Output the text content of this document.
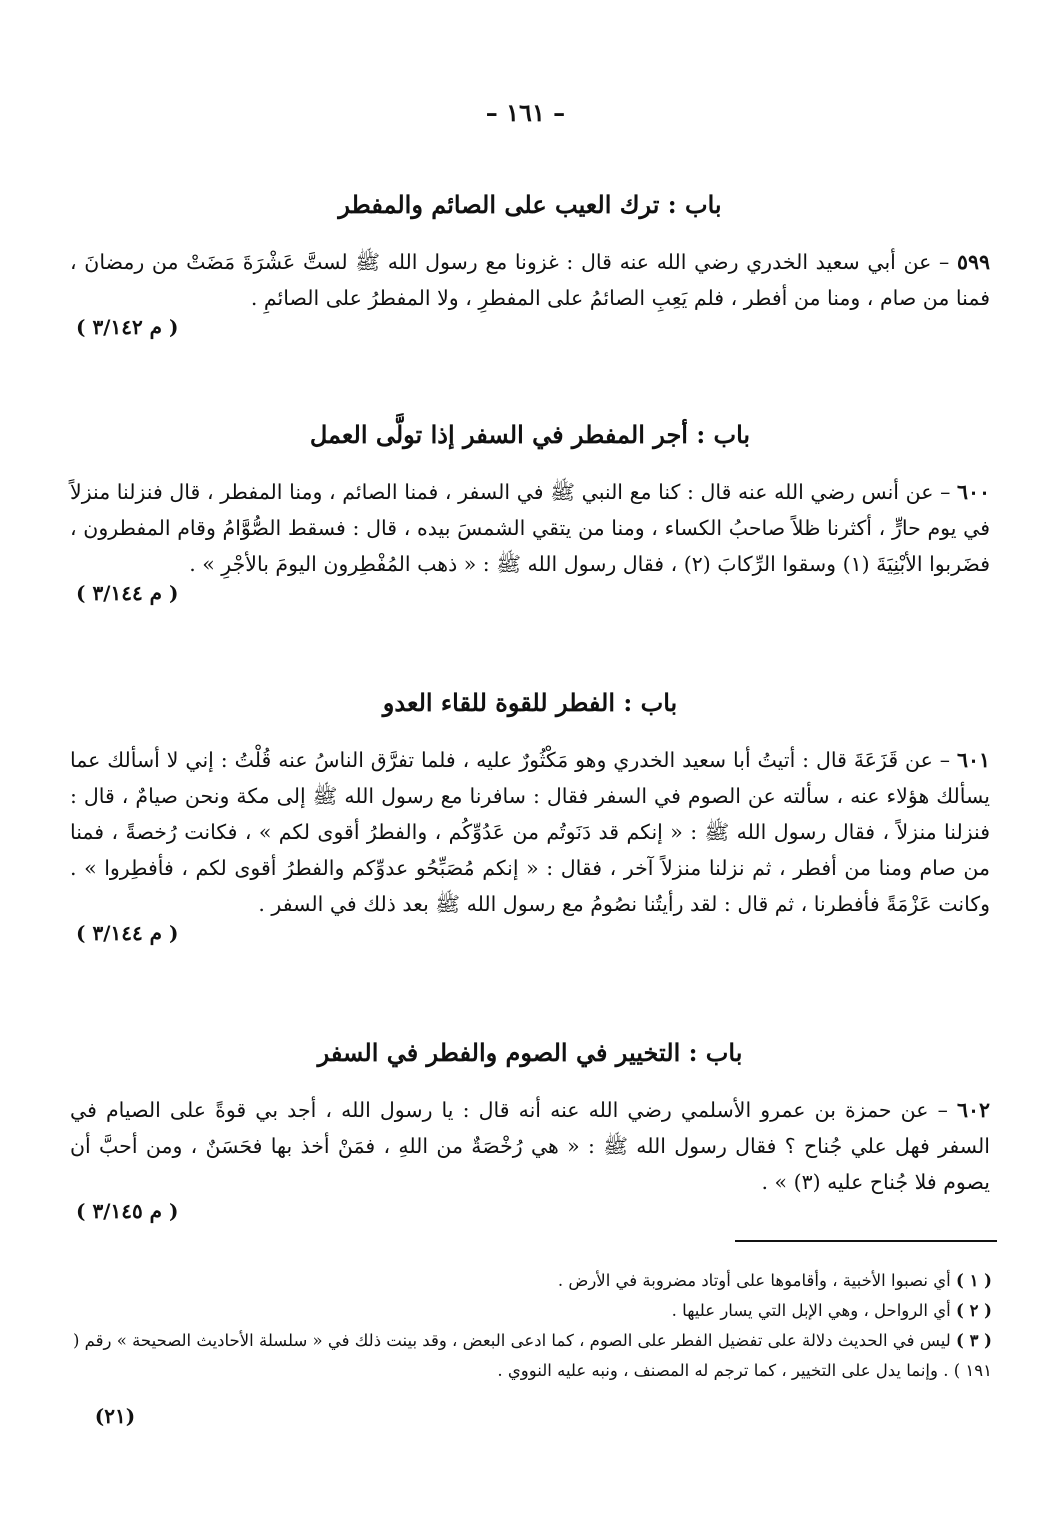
– ١٦١ –
باب : ترك العيب على الصائم والمفطر

٥٩٩ – عن أبي سعيد الخدري رضي الله عنه قال : غزونا مع رسول الله ﷺ لستَّ عَشْرَةَ مَضَتْ من رمضانَ ، فمنا من صام ، ومنا من أفطر ، فلم يَعِبِ الصائمُ على المفطرِ ، ولا المفطرُ على الصائمِ .

( م ٣/١٤٢ )
باب : أجر المفطر في السفر إذا تولَّى العمل

٦٠٠ – عن أنس رضي الله عنه قال : كنا مع النبي ﷺ في السفر ، فمنا الصائم ، ومنا المفطر ، قال فنزلنا منزلاً في يوم حارٍّ ، أكثرنا ظلاً صاحبُ الكساء ، ومنا من يتقي الشمسَ بيده ، قال : فسقط الصُّوَّامُ وقام المفطرون ، فضَربوا الأبْنِيَةَ (١) وسقوا الرِّكابَ (٢) ، فقال رسول الله ﷺ : « ذهب المُفْطِرون اليومَ بالأجْرِ » .

( م ٣/١٤٤ )
باب : الفطر للقوة للقاء العدو

٦٠١ – عن قَزَعَةَ قال : أتيتُ أبا سعيد الخدري وهو مَكْثُورٌ عليه ، فلما تفرَّق الناسُ عنه قُلْتُ : إني لا أسألك عما يسألك هؤلاء عنه ، سألته عن الصوم في السفر فقال : سافرنا مع رسول الله ﷺ إلى مكة ونحن صيامٌ ، قال : فنزلنا منزلاً ، فقال رسول الله ﷺ : « إنكم قد دَنَوتُم من عَدُوِّكُم ، والفطرُ أقوى لكم » ، فكانت رُخصةً ، فمنا من صام ومنا من أفطر ، ثم نزلنا منزلاً آخر ، فقال : « إنكم مُصَبِّحُو عدوِّكم والفطرُ أقوى لكم ، فأفطِروا » . وكانت عَزْمَةً فأفطرنا ، ثم قال : لقد رأيتُنا نصُومُ مع رسول الله ﷺ بعد ذلك في السفر .

( م ٣/١٤٤ )
باب : التخيير في الصوم والفطر في السفر

٦٠٢ – عن حمزة بن عمرو الأسلمي رضي الله عنه أنه قال : يا رسول الله ، أجد بي قوةً على الصيام في السفر فهل علي جُناح ؟ فقال رسول الله ﷺ : « هي رُخْصَةٌ من اللهِ ، فمَنْ أخذ بها فحَسَنٌ ، ومن أحبَّ أن يصوم فلا جُناح عليه (٣) » .

( م ٣/١٤٥ )

( ١ ) أي نصبوا الأخبية ، وأقاموها على أوتاد مضروبة في الأرض .

( ٢ ) أي الرواحل ، وهي الإبل التي يسار عليها .

( ٣ ) ليس في الحديث دلالة على تفضيل الفطر على الصوم ، كما ادعى البعض ، وقد بينت ذلك في « سلسلة الأحاديث الصحيحة » رقم ( ١٩١ ) . وإنما يدل على التخيير ، كما ترجم له المصنف ، ونبه عليه النووي .

(٢١)
